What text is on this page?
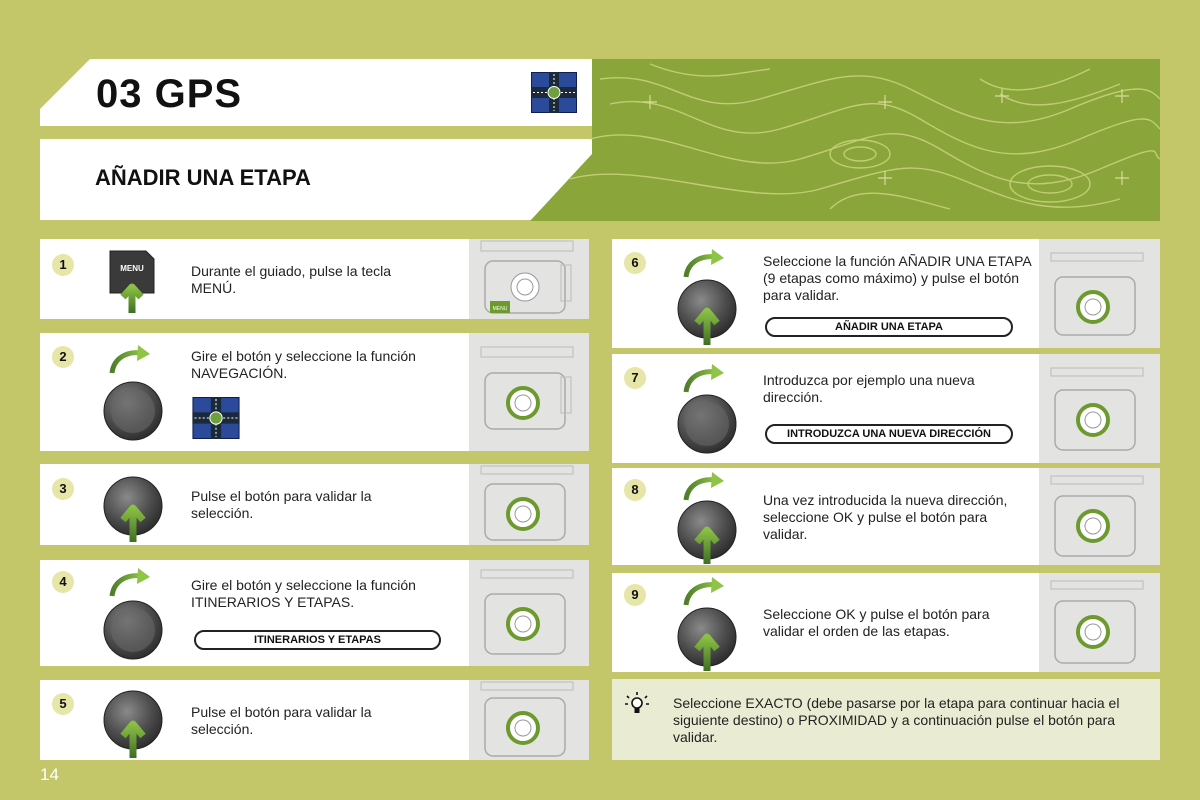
03 GPS
AÑADIR UNA ETAPA
1	MENU	Durante el guiado, pulse la tecla MENÚ.
MENU
2	Gire el botón y seleccione la función NAVEGACIÓN.
3	Pulse el botón para validar la selección.
4	Gire el botón y seleccione la función ITINERARIOS Y ETAPAS.
ITINERARIOS Y ETAPAS
5
Pulse el botón para validar la selección.
6	Seleccione la función AÑADIR UNA ETAPA (9 etapas como máximo) y pulse el botón para validar.
AÑADIR UNA ETAPA
7	Introduzca por ejemplo una nueva dirección.
INTRODUZCA UNA NUEVA DIRECCIÓN
8
Una vez introducida la nueva dirección, seleccione OK y pulse el botón para validar.
9
Seleccione OK y pulse el botón para validar el orden de las etapas.
Seleccione EXACTO (debe pasarse por la etapa para continuar hacia el siguiente destino) o PROXIMIDAD y a continuación pulse el botón para validar.
14
